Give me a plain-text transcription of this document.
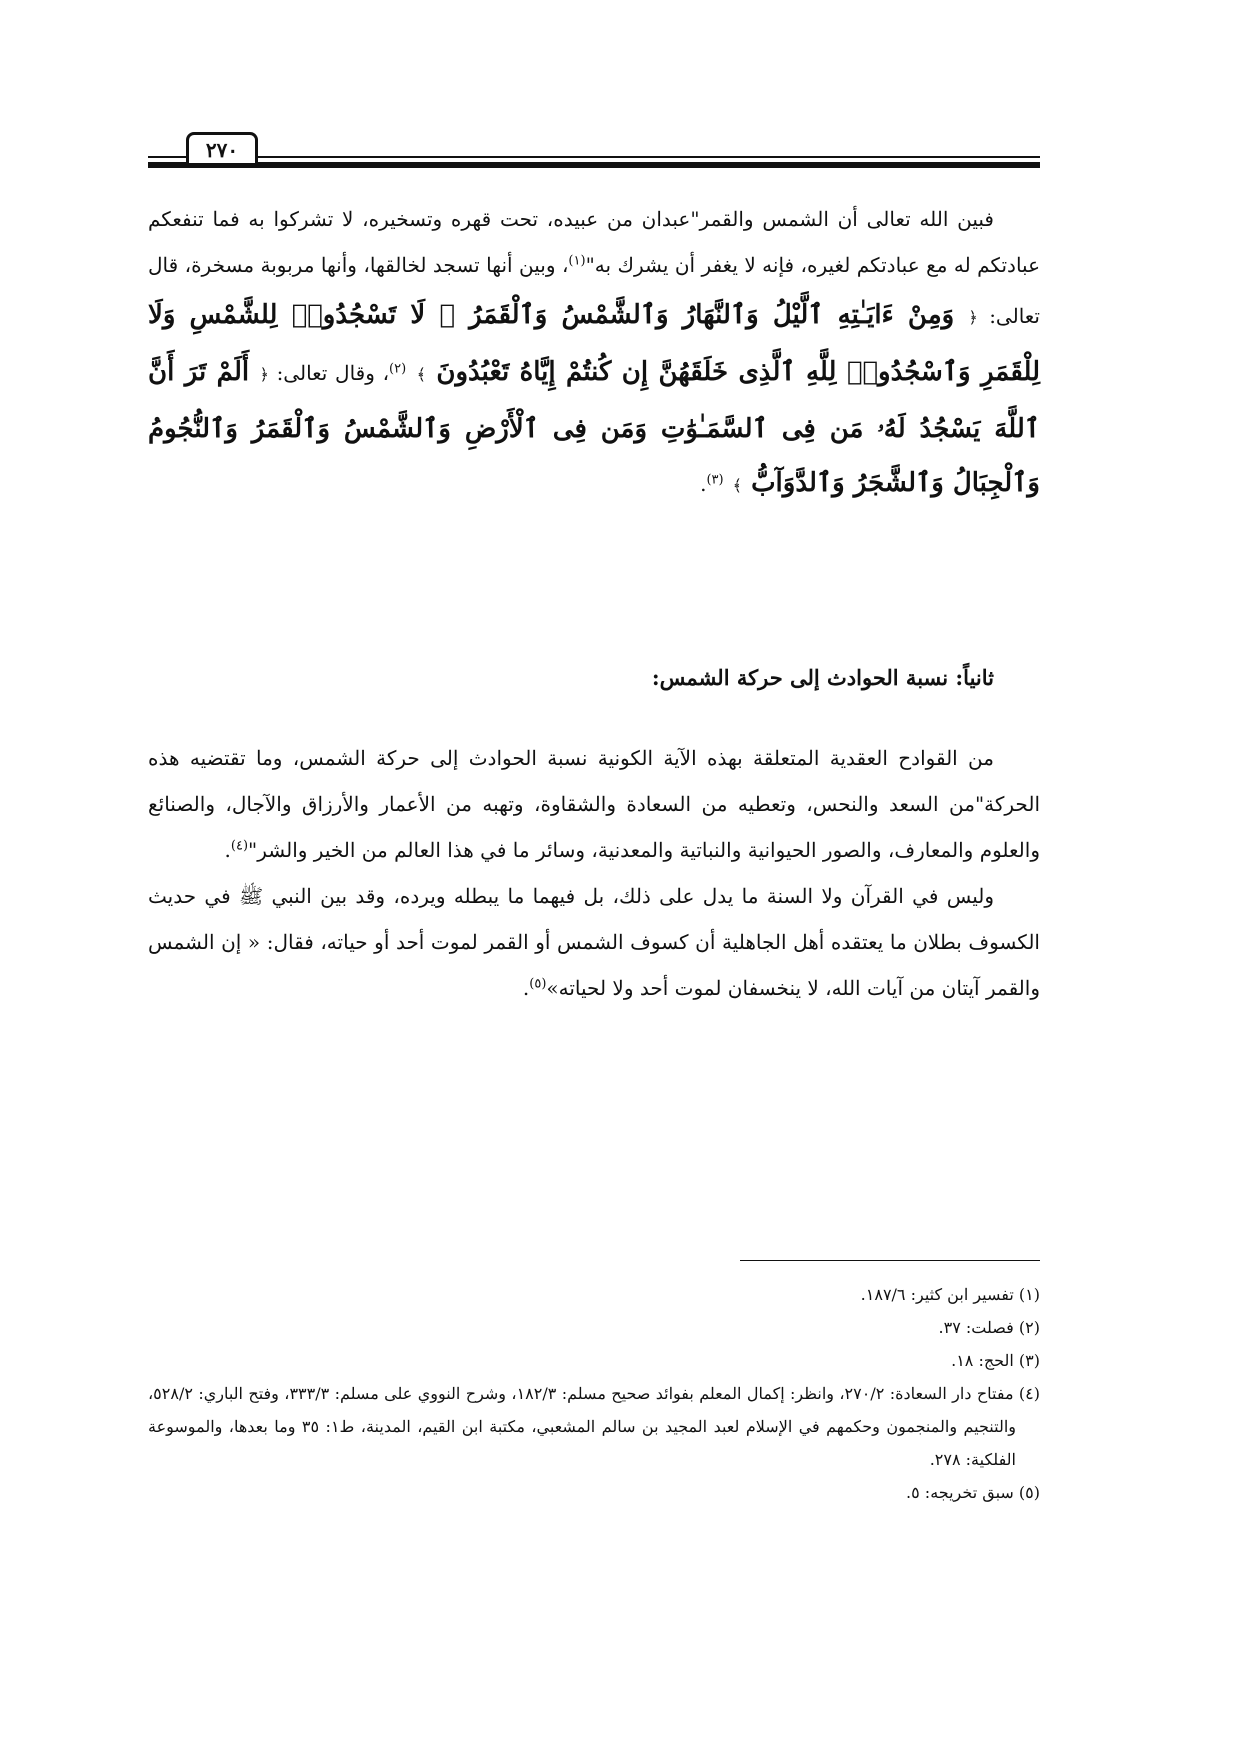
٢٧٠

فبين الله تعالى أن الشمس والقمر"عبدان من عبيده، تحت قهره وتسخيره، لا تشركوا به فما تنفعكم عبادتكم له مع عبادتكم لغيره، فإنه لا يغفر أن يشرك به"$^{(١)}$، وبين أنها تسجد لخالقها، وأنها مربوبة مسخرة، قال تعالى: ﴿ وَمِنْ ءَايَـٰتِهِ ٱلَّيْلُ وَٱلنَّهَارُ وَٱلشَّمْسُ وَٱلْقَمَرُ ۚ لَا تَسْجُدُوا۟ لِلشَّمْسِ وَلَا لِلْقَمَرِ وَٱسْجُدُوا۟ لِلَّهِ ٱلَّذِى خَلَقَهُنَّ إِن كُنتُمْ إِيَّاهُ تَعْبُدُونَ ﴾ $^{(٢)}$، وقال تعالى: ﴿ أَلَمْ تَرَ أَنَّ ٱللَّهَ يَسْجُدُ لَهُۥ مَن فِى ٱلسَّمَـٰوَٰتِ وَمَن فِى ٱلْأَرْضِ وَٱلشَّمْسُ وَٱلْقَمَرُ وَٱلنُّجُومُ وَٱلْجِبَالُ وَٱلشَّجَرُ وَٱلدَّوَآبُّ ﴾ $^{(٣)}$.

ثانياً: نسبة الحوادث إلى حركة الشمس:

من القوادح العقدية المتعلقة بهذه الآية الكونية نسبة الحوادث إلى حركة الشمس، وما تقتضيه هذه الحركة"من السعد والنحس، وتعطيه من السعادة والشقاوة، وتهبه من الأعمار والأرزاق والآجال، والصنائع والعلوم والمعارف، والصور الحيوانية والنباتية والمعدنية، وسائر ما في هذا العالم من الخير والشر"$^{(٤)}$.

وليس في القرآن ولا السنة ما يدل على ذلك، بل فيهما ما يبطله ويرده، وقد بين النبي ﷺ في حديث الكسوف بطلان ما يعتقده أهل الجاهلية أن كسوف الشمس أو القمر لموت أحد أو حياته، فقال: « إن الشمس والقمر آيتان من آيات الله، لا ينخسفان لموت أحد ولا لحياته»$^{(٥)}$.

(١) تفسير ابن كثير: ١٨٧/٦.

(٢) فصلت: ٣٧.

(٣) الحج: ١٨.

(٤) مفتاح دار السعادة: ٢٧٠/٢، وانظر: إكمال المعلم بفوائد صحيح مسلم: ١٨٢/٣، وشرح النووي على مسلم: ٣٣٣/٣، وفتح الباري: ٥٢٨/٢، والتنجيم والمنجمون وحكمهم في الإسلام لعبد المجيد بن سالم المشعبي، مكتبة ابن القيم، المدينة، ط١: ٣٥ وما بعدها، والموسوعة الفلكية: ٢٧٨.

(٥) سبق تخريجه: ٥.
